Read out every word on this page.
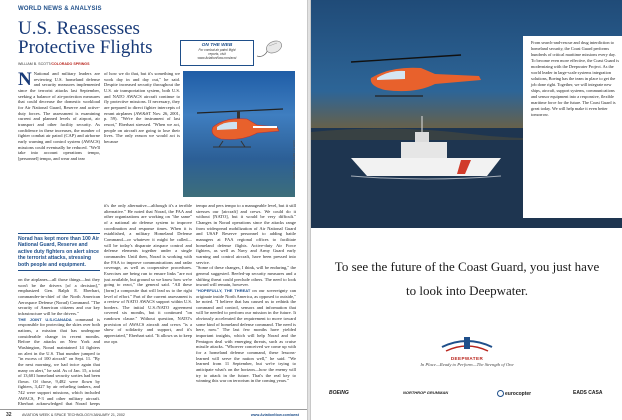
WORLD NEWS & ANALYSIS
U.S. Reassesses Protective Flights
WILLIAM B. SCOTT/COLORADO SPRINGS
ON THE WEB
For combat air patrol flight
reports, visit
www.AviationNow.com/avst
AIRBUS / DEPT. OF DEFENSE
N National and military leaders are reviewing U.S. homeland defense and security measures implemented since the terrorist attacks last September, seeking a balance of air-protection measures that could decrease the domestic workload for Air National Guard, Reserve and active-duty forces. The assessment is examining current and planned levels of airport, air transport and other facility security. As confidence in these increases, the number of fighter combat air patrol (CAP) and airborne early warning and control system (AWACS) missions could eventually be reduced. "We'll take into account operations tempo, [personnel] tempo, and wear and tear

Norad has kept more than 100 Air National Guard, Reserve and active duty fighters on alert since the terrorist attacks, stressing both people and equipment.

on the airplanes—all those things—but they won't be the drivers [of a decision]," emphasized Gen. Ralph E. Eberhart, commander-in-chief of the North American Aerospace Defense (Norad) Command. "The security of American citizens and our key infrastructure will be the drivers."

THE JOINT U.S./CANADA command is responsible for protecting the skies over both nations, a mission that has undergone considerable change in recent months. Before the attacks on New York and Washington, Norad maintained 14 fighters on alert in the U.S. That number jumped to "in excess of 100 aircraft" on Sept. 11. "By the next morning, we had twice again that many on alert," he said. As of Jan. 15, a total of 13,601 homeland security sorties had been flown. Of those, 9,482 were flown by fighters, 3,427 by air refueling tankers, and 742 were support missions, which included AWACS, P-3 and other military aircraft. Eberhart acknowledged that Norad keeps

of how we do that, but it's something we work day in and day out," he said. Despite increased security throughout the U.S. air transportation system, both U.S. and NATO AWACS aircraft continue to fly protective missions. If necessary, they are prepared to direct fighter intercepts of errant airplanes (AW&ST Nov. 26, 2001, p. 59). "We're the instrument of last resort," Eberhart stressed. "When we act, people on aircraft are going to lose their lives. The only reason we would act is because

it's the only alternative—although it's a terrible alternative." He noted that Norad, the FAA and other organizations are working on "the same" of a national air defense system to improve coordination and response times. When it is established, a military Homeland Defense Command—or whatever it might be called—will be today's disparate airspace control and defense elements together under a single commander. Until then, Norad is working with the FAA to improve communications and radar coverage, as well as cooperative procedures. Exercises are being run to ensure links "are not just available, but ground so we know how we're going to react," the general said. "All these [form] a composite that will lead us to the right level of effort." Part of the current assessment is a review of NATO AWACS support within U.S. borders. The initial U.S./NATO agreement covered six months, but it continued "on rundown clause." Without question, NATO's provision of AWACS aircraft and crews "is a show of solidarity and support, and it's appreciated," Eberhart said. "It allows us to keep our ops

tempo and pers tempo to a manageable level, but it still stresses our [aircraft] and crews. We could do it without [NATO], but it would be very difficult." Changes in Norad operations since the attacks range from widespread mobilization of Air National Guard and USAF Reserve personnel to adding battle managers at FAA regional offices to facilitate homeland defense flights. Active-duty Air Force fighters, as well as Navy and Army Guard early warning and control aircraft, have been pressed into service.

"Some of these changes, I think, will be enduring," the general suggested. Beefed-up security measures and a shifting threat could preclude others. The need to look inward will remain, however.

"HOPEFULLY, THE THREAT on our sovereignty can originate inside North America, as opposed to outside," he noted. "I believe that has caused us to rethink the command and control, sensors and information that will be needed to perform our mission in the future. It obviously accelerated the requirement to move toward some kind of homeland defense command. The need is here, now." The last few months have yielded important insights, which will help Norad and the Pentagon deal with emerging threats, such as cruise missile attacks. "Whoever conceived we come up with for a homeland defense command, these lessons-learned will serve the nation well," he said. "We learned from 11 September, but we're trying to anticipate what's on the horizon—how the enemy will try to attack in the future. That's the real key to winning this war on terrorism in the coming years."

32	AVIATION WEEK & SPACE TECHNOLOGY/JANUARY 21, 2002	www.AviationNow.com/awst
From search-and-rescue and drug interdiction to homeland security, the Coast Guard performs hundreds of critical maritime missions every day. To become even more effective, the Coast Guard is modernizing with the Deepwater Project. As the world leader in large-scale systems integration solutions, Boeing has the team in place to get the job done right. Together, we will integrate new ships, aircraft, support systems, communications and sensor equipment into a responsive, flexible maritime force for the future. The Coast Guard is great today. We will help make it even better tomorrow.
To see the future of the Coast Guard, you just have to look into Deepwater.
DEEPWATER
In Place—Ready to Perform—The Strength of One
BOEING	NORTHROP GRUMMAN	eurocopter	EADS CASA
